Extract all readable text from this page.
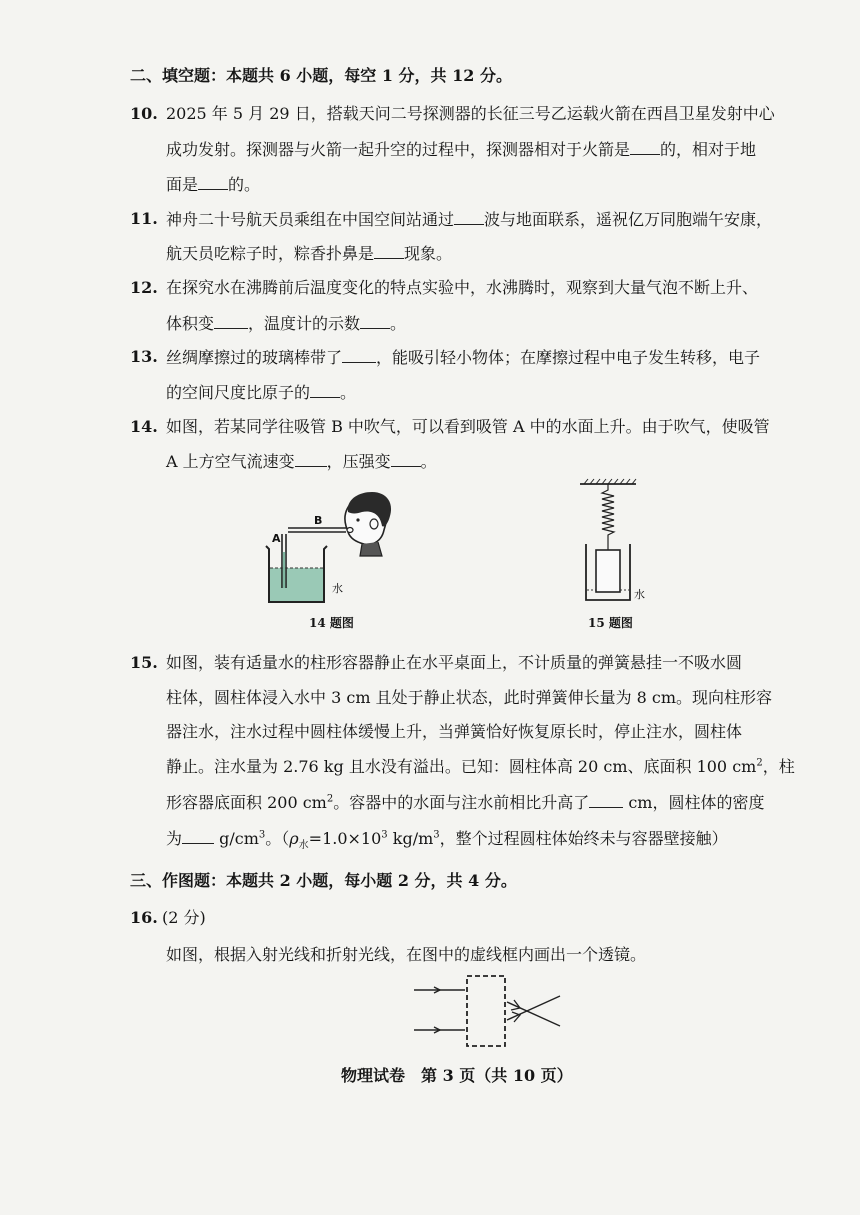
二、填空题：本题共 6 小题，每空 1 分，共 12 分。
10. 2025 年 5 月 29 日，搭载天问二号探测器的长征三号乙运载火箭在西昌卫星发射中心
成功发射。探测器与火箭一起升空的过程中，探测器相对于火箭是 的，相对于地
面是 的。
11. 神舟二十号航天员乘组在中国空间站通过 波与地面联系，遥祝亿万同胞端午安康，
航天员吃粽子时，粽香扑鼻是 现象。
12. 在探究水在沸腾前后温度变化的特点实验中，水沸腾时，观察到大量气泡不断上升、
体积变 ，温度计的示数 。
13. 丝绸摩擦过的玻璃棒带了 ，能吸引轻小物体；在摩擦过程中电子发生转移，电子
的空间尺度比原子的 。
14. 如图，若某同学往吸管 B 中吹气，可以看到吸管 A 中的水面上升。由于吹气，使吸管
A 上方空气流速变 ，压强变 。
A
B
水
14 题图
水
15 题图
15. 如图，装有适量水的柱形容器静止在水平桌面上，不计质量的弹簧悬挂一不吸水圆
柱体，圆柱体浸入水中 3 cm 且处于静止状态，此时弹簧伸长量为 8 cm。现向柱形容
器注水，注水过程中圆柱体缓慢上升，当弹簧恰好恢复原长时，停止注水，圆柱体
静止。注水量为 2.76 kg 且水没有溢出。已知：圆柱体高 20 cm、底面积 100 $cm^2$，柱
形容器底面积 200 $cm^2$。容器中的水面与注水前相比升高了 cm，圆柱体的密度
为 $g/cm^3$。（$\rho_水=1.0\times 10^3$ $kg/m^3$，整个过程圆柱体始终未与容器壁接触）
三、作图题：本题共 2 小题，每小题 2 分，共 4 分。
16. (2 分)
如图，根据入射光线和折射光线，在图中的虚线框内画出一个透镜。
物理试卷　第 3 页（共 10 页）
